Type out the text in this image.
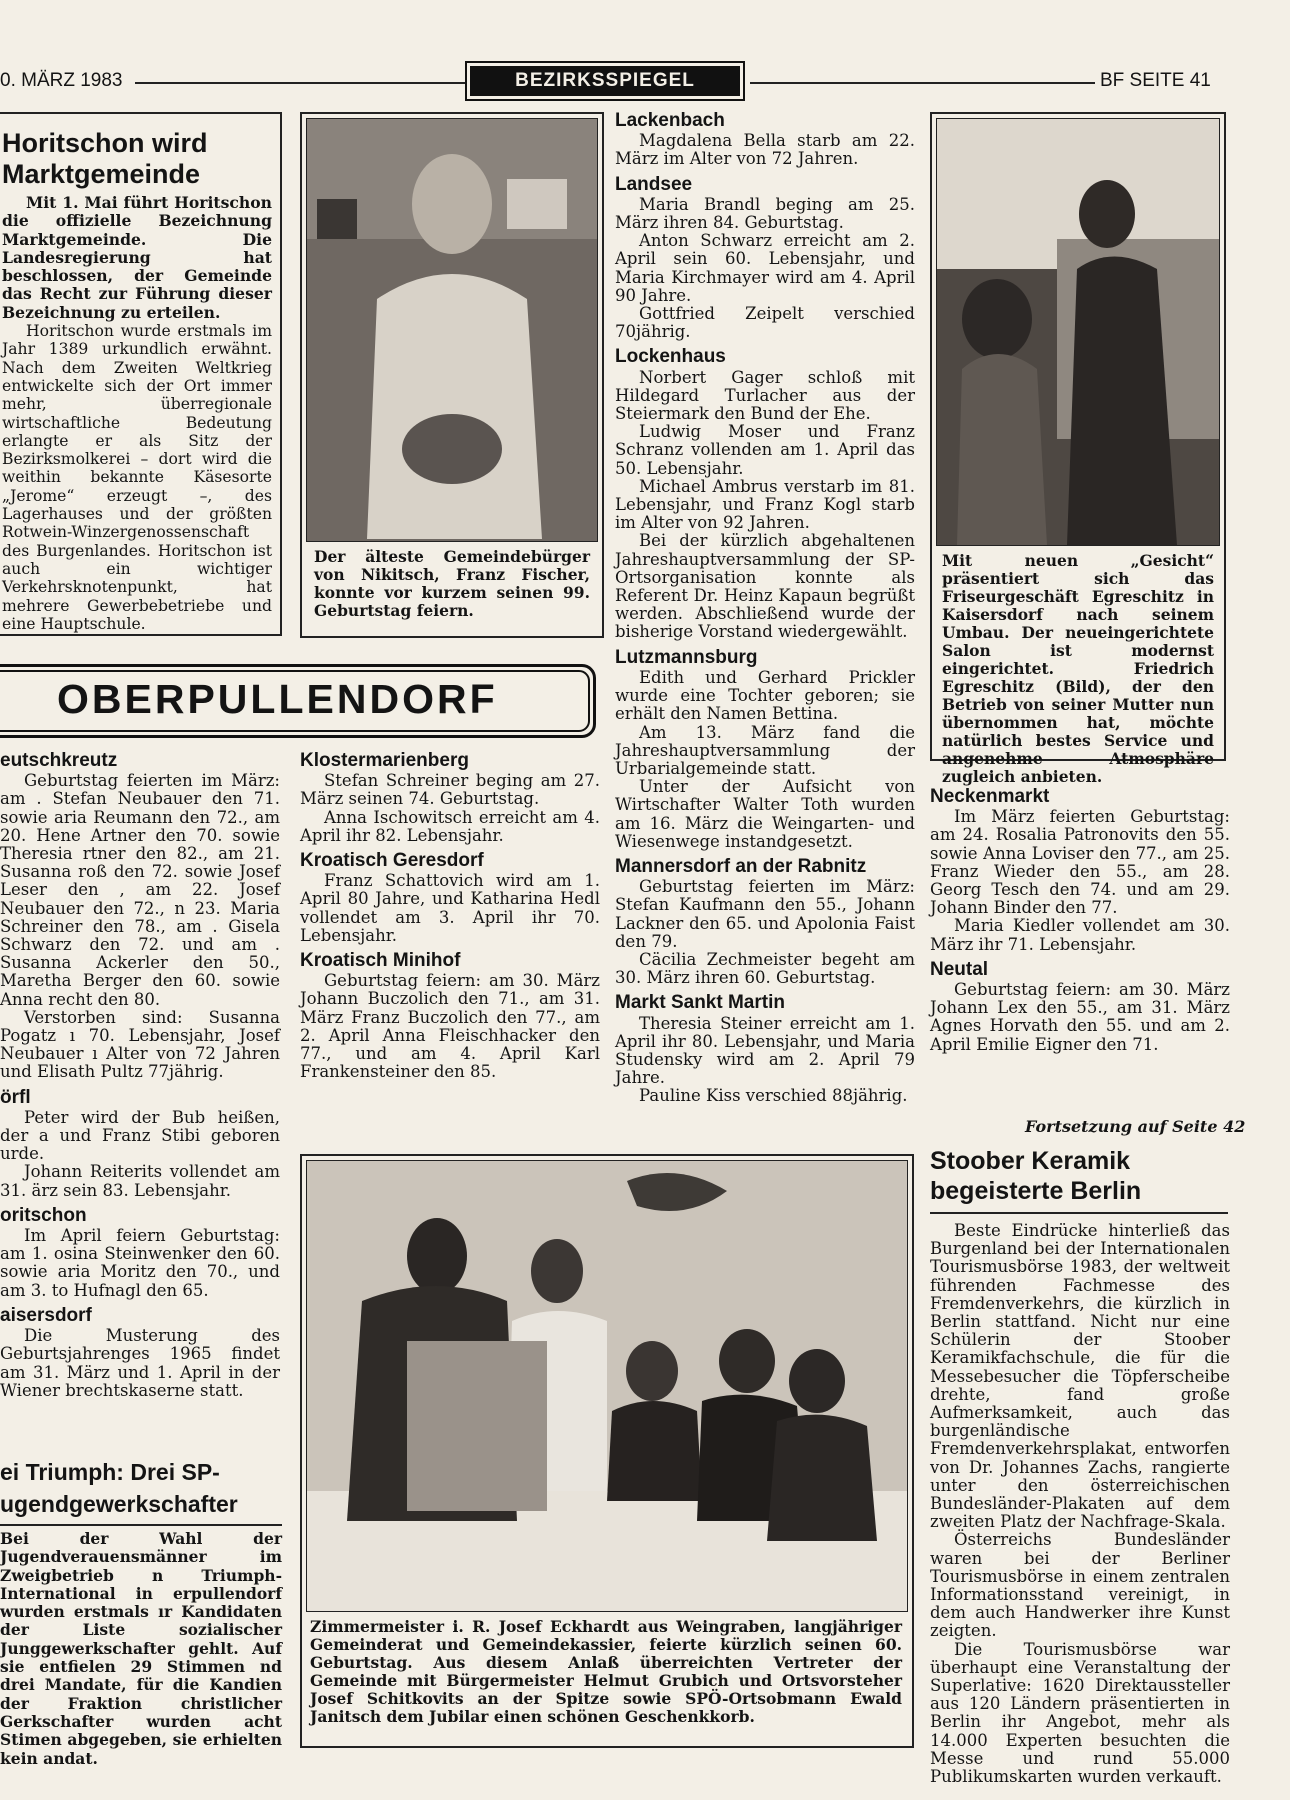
0. MÄRZ 1983	BEZIRKSSPIEGEL	BF SEITE 41
Horitschon wird Marktgemeinde

Mit 1. Mai führt Horitschon die offizielle Bezeichnung Marktgemeinde. Die Landesregierung hat beschlossen, der Gemeinde das Recht zur Führung dieser Bezeichnung zu erteilen.

Horitschon wurde erstmals im Jahr 1389 urkundlich erwähnt. Nach dem Zweiten Weltkrieg entwickelte sich der Ort immer mehr, überregionale wirtschaftliche Bedeutung erlangte er als Sitz der Bezirksmolkerei – dort wird die weithin bekannte Käsesorte „Jerome“ erzeugt –, des Lagerhauses und der größten Rotwein-Winzergenossenschaft des Burgenlandes. Horitschon ist auch ein wichtiger Verkehrsknotenpunkt, hat mehrere Gewerbebetriebe und eine Hauptschule.

Der älteste Gemeindebürger von Nikitsch, Franz Fischer, konnte vor kurzem seinen 99. Geburtstag feiern.
Lackenbach

Magdalena Bella starb am 22. März im Alter von 72 Jahren.

Landsee

Maria Brandl beging am 25. März ihren 84. Geburtstag.

Anton Schwarz erreicht am 2. April sein 60. Lebensjahr, und Maria Kirchmayer wird am 4. April 90 Jahre.

Gottfried Zeipelt verschied 70jährig.

Lockenhaus

Norbert Gager schloß mit Hildegard Turlacher aus der Steiermark den Bund der Ehe.

Ludwig Moser und Franz Schranz vollenden am 1. April das 50. Lebensjahr.

Michael Ambrus verstarb im 81. Lebensjahr, und Franz Kogl starb im Alter von 92 Jahren.

Bei der kürzlich abgehaltenen Jahreshauptversammlung der SP-Ortsorganisation konnte als Referent Dr. Heinz Kapaun begrüßt werden. Abschließend wurde der bisherige Vorstand wiedergewählt.

Lutzmannsburg

Edith und Gerhard Prickler wurde eine Tochter geboren; sie erhält den Namen Bettina.

Am 13. März fand die Jahreshauptversammlung der Urbarialgemeinde statt.

Unter der Aufsicht von Wirtschafter Walter Toth wurden am 16. März die Weingarten- und Wiesenwege instandgesetzt.

Mannersdorf an der Rabnitz

Geburtstag feierten im März: Stefan Kaufmann den 55., Johann Lackner den 65. und Apolonia Faist den 79.

Cäcilia Zechmeister begeht am 30. März ihren 60. Geburtstag.

Markt Sankt Martin

Theresia Steiner erreicht am 1. April ihr 80. Lebensjahr, und Maria Studensky wird am 2. April 79 Jahre.

Pauline Kiss verschied 88jährig.

Mit neuen „Gesicht“ präsentiert sich das Friseurgeschäft Egreschitz in Kaisersdorf nach seinem Umbau. Der neueingerichtete Salon ist modernst eingerichtet. Friedrich Egreschitz (Bild), der den Betrieb von seiner Mutter nun übernommen hat, möchte natürlich bestes Service und angenehme Atmosphäre zugleich anbieten.
Neckenmarkt

Im März feierten Geburtstag: am 24. Rosalia Patronovits den 55. sowie Anna Loviser den 77., am 25. Franz Wieder den 55., am 28. Georg Tesch den 74. und am 29. Johann Binder den 77.

Maria Kiedler vollendet am 30. März ihr 71. Lebensjahr.

Neutal

Geburtstag feiern: am 30. März Johann Lex den 55., am 31. März Agnes Horvath den 55. und am 2. April Emilie Eigner den 71.

Fortsetzung auf Seite 42
Stoober Keramik begeisterte Berlin

Beste Eindrücke hinterließ das Burgenland bei der Internationalen Tourismusbörse 1983, der weltweit führenden Fachmesse des Fremdenverkehrs, die kürzlich in Berlin stattfand. Nicht nur eine Schülerin der Stoober Keramikfachschule, die für die Messebesucher die Töpferscheibe drehte, fand große Aufmerksamkeit, auch das burgenländische Fremdenverkehrsplakat, entworfen von Dr. Johannes Zachs, rangierte unter den österreichischen Bundesländer-Plakaten auf dem zweiten Platz der Nachfrage-Skala.

Österreichs Bundesländer waren bei der Berliner Tourismusbörse in einem zentralen Informationsstand vereinigt, in dem auch Handwerker ihre Kunst zeigten.

Die Tourismusbörse war überhaupt eine Veranstaltung der Superlative: 1620 Direktaussteller aus 120 Ländern präsentierten in Berlin ihr Angebot, mehr als 14.000 Experten besuchten die Messe und rund 55.000 Publikumskarten wurden verkauft.

OBERPULLENDORF
eutschkreutz

Geburtstag feierten im März: am . Stefan Neubauer den 71. sowie aria Reumann den 72., am 20. Hene Artner den 70. sowie Theresia rtner den 82., am 21. Susanna roß den 72. sowie Josef Leser den , am 22. Josef Neubauer den 72., n 23. Maria Schreiner den 78., am . Gisela Schwarz den 72. und am . Susanna Ackerler den 50., Maretha Berger den 60. sowie Anna recht den 80.

Verstorben sind: Susanna Pogatz ı 70. Lebensjahr, Josef Neubauer ı Alter von 72 Jahren und Elisath Pultz 77jährig.

örfl

Peter wird der Bub heißen, der a und Franz Stibi geboren urde.

Johann Reiterits vollendet am 31. ärz sein 83. Lebensjahr.

oritschon

Im April feiern Geburtstag: am 1. osina Steinwenker den 60. sowie aria Moritz den 70., und am 3. to Hufnagl den 65.

aisersdorf

Die Musterung des Geburtsjahrenges 1965 findet am 31. März und 1. April in der Wiener brechtskaserne statt.

ei Triumph: Drei SP-ugendgewerkschafter
Bei der Wahl der Jugendverauensmänner im Zweigbetrieb n Triumph-International in erpullendorf wurden erstmals ır Kandidaten der Liste sozialischer Junggewerkschafter gehlt. Auf sie entfielen 29 Stimmen nd drei Mandate, für die Kandien der Fraktion christlicher Gerkschafter wurden acht Stimen abgegeben, sie erhielten kein andat.
Klostermarienberg

Stefan Schreiner beging am 27. März seinen 74. Geburtstag.

Anna Ischowitsch erreicht am 4. April ihr 82. Lebensjahr.

Kroatisch Geresdorf

Franz Schattovich wird am 1. April 80 Jahre, und Katharina Hedl vollendet am 3. April ihr 70. Lebensjahr.

Kroatisch Minihof

Geburtstag feiern: am 30. März Johann Buczolich den 71., am 31. März Franz Buczolich den 77., am 2. April Anna Fleischhacker den 77., und am 4. April Karl Frankensteiner den 85.

Zimmermeister i. R. Josef Eckhardt aus Weingraben, langjähriger Gemeinderat und Gemeindekassier, feierte kürzlich seinen 60. Geburtstag. Aus diesem Anlaß überreichten Vertreter der Gemeinde mit Bürgermeister Helmut Grubich und Ortsvorsteher Josef Schitkovits an der Spitze sowie SPÖ-Ortsobmann Ewald Janitsch dem Jubilar einen schönen Geschenkkorb.
